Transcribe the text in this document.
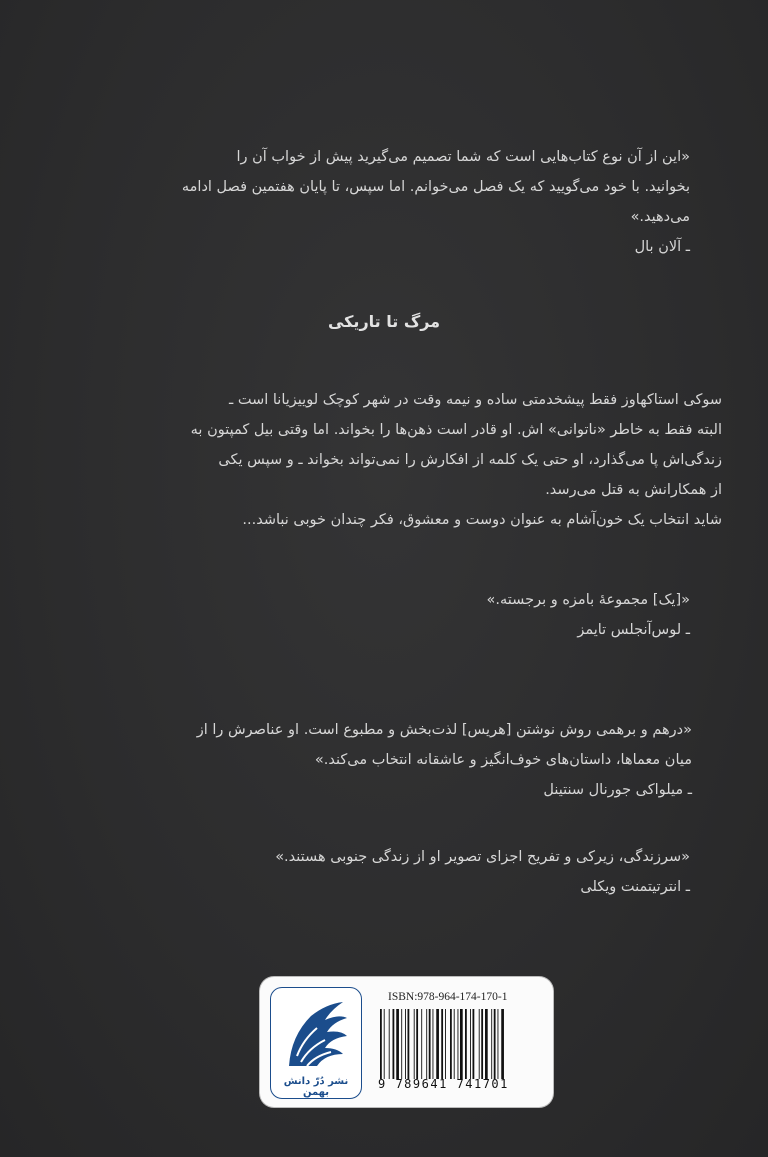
«این از آن نوع کتاب‌هایی است که شما تصمیم می‌گیرید پیش از خواب آن را

بخوانید. با خود می‌گویید که یک فصل می‌خوانم. اما سپس، تا پایان هفتمین فصل ادامه

می‌دهید.»

ـ آلان بال

مرگ تا تاریکی

سوکی استاکهاوز فقط پیشخدمتی ساده و نیمه وقت در شهر کوچک لوییزیانا است ـ

البته فقط به خاطر «ناتوانی» اش. او قادر است ذهن‌ها را بخواند. اما وقتی بیل کمپتون به

زندگی‌اش پا می‌گذارد، او حتی یک کلمه از افکارش را نمی‌تواند بخواند ـ و سپس یکی

از همکارانش به قتل می‌رسد.

شاید انتخاب یک خون‌آشام به عنوان دوست و معشوق، فکر چندان خوبی نباشد...

«[یک] مجموعهٔ بامزه و برجسته.»

ـ لوس‌آنجلس تایمز

«درهم و برهمی روش نوشتن [هریس] لذت‌بخش و مطبوع است. او عناصرش را از

میان معماها، داستان‌های خوف‌انگیز و عاشقانه انتخاب می‌کند.»

ـ میلواکی جورنال سنتینل

«سرزندگی، زیرکی و تفریح اجزای تصویر او از زندگی جنوبی هستند.»

ـ انترتیتمنت ویکلی

نشر دُرّ دانش بهمن
ISBN:978-964-174-170-1
9 789641 741701
